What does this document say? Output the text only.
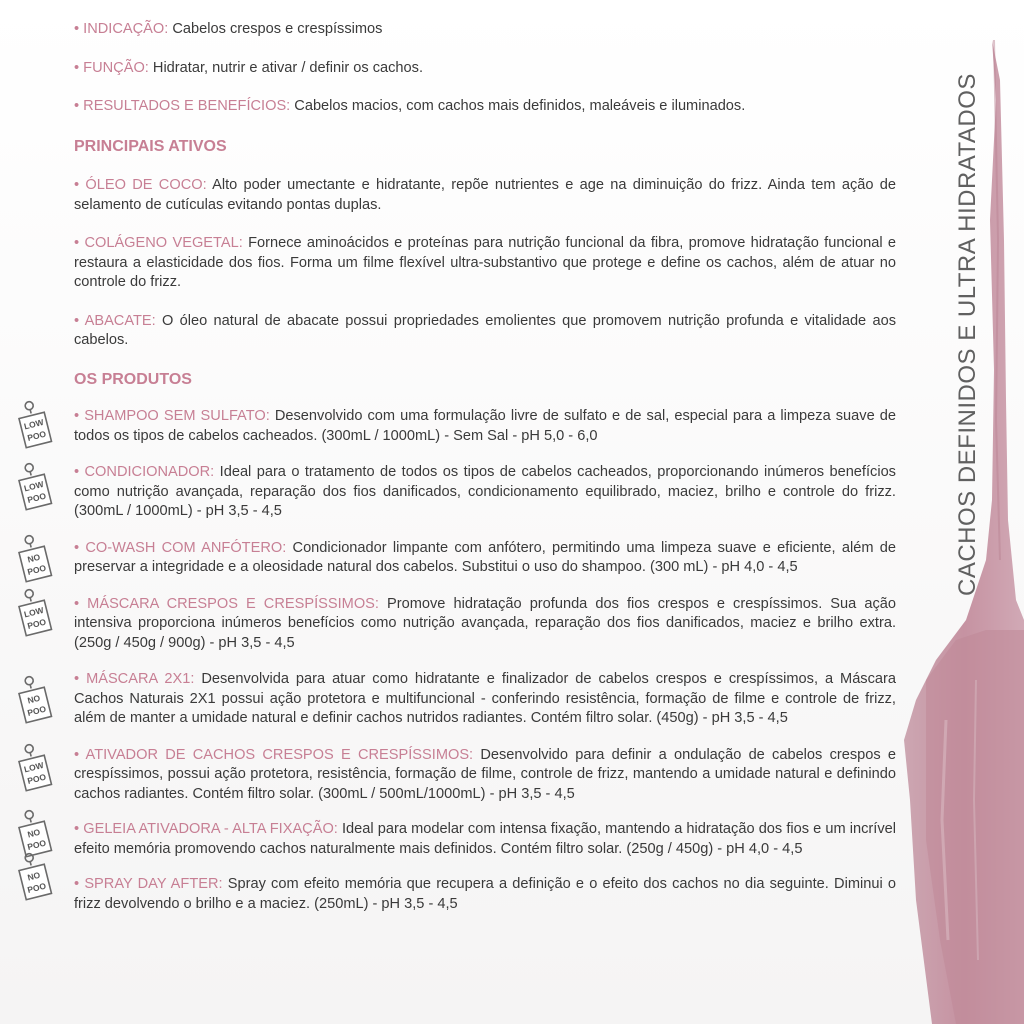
CACHOS DEFINIDOS E ULTRA HIDRATADOS

• INDICAÇÃO: Cabelos crespos e crespíssimos

• FUNÇÃO: Hidratar, nutrir e ativar / definir os cachos.

• RESULTADOS E BENEFÍCIOS: Cabelos macios, com cachos mais definidos, maleáveis e iluminados.

PRINCIPAIS ATIVOS

• ÓLEO DE COCO: Alto poder umectante e hidratante, repõe nutrientes e age na diminuição do frizz. Ainda tem ação de selamento de cutículas evitando pontas duplas.

• COLÁGENO VEGETAL: Fornece aminoácidos e proteínas para nutrição funcional da fibra, promove hidratação funcional e restaura a elasticidade dos fios. Forma um filme flexível ultra-substantivo que protege e define os cachos, além de atuar no controle do frizz.

• ABACATE: O óleo natural de abacate possui propriedades emolientes que promovem nutrição profunda e vitalidade aos cabelos.

OS PRODUTOS

LOW
POO
• SHAMPOO SEM SULFATO: Desenvolvido com uma formulação livre de sulfato e de sal, especial para a limpeza suave de todos os tipos de cabelos cacheados. (300mL / 1000mL) - Sem Sal - pH 5,0 - 6,0

LOW
POO
• CONDICIONADOR: Ideal para o tratamento de todos os tipos de cabelos cacheados, proporcionando inúmeros benefícios como nutrição avançada, reparação dos fios danificados, condicionamento equilibrado, maciez, brilho e controle do frizz. (300mL / 1000mL) - pH 3,5 - 4,5

NO
POO
• CO-WASH COM ANFÓTERO: Condicionador limpante com anfótero, permitindo uma limpeza suave e eficiente, além de preservar a integridade e a oleosidade natural dos cabelos. Substitui o uso do shampoo. (300 mL) - pH 4,0 - 4,5

LOW
POO
• MÁSCARA CRESPOS E CRESPÍSSIMOS: Promove hidratação profunda dos fios crespos e crespíssimos. Sua ação intensiva proporciona inúmeros benefícios como nutrição avançada, reparação dos fios danificados, maciez e brilho extra. (250g / 450g / 900g) - pH 3,5 - 4,5

NO
POO
• MÁSCARA 2X1: Desenvolvida para atuar como hidratante e finalizador de cabelos crespos e crespíssimos, a Máscara Cachos Naturais 2X1 possui ação protetora e multifuncional - conferindo resistência, formação de filme e controle de frizz, além de manter a umidade natural e definir cachos nutridos radiantes. Contém filtro solar. (450g) - pH 3,5 - 4,5

LOW
POO
• ATIVADOR DE CACHOS CRESPOS E CRESPÍSSIMOS: Desenvolvido para definir a ondulação de cabelos crespos e crespíssimos, possui ação protetora, resistência, formação de filme, controle de frizz, mantendo a umidade natural e definindo cachos radiantes. Contém filtro solar. (300mL / 500mL/1000mL) - pH 3,5 - 4,5

NO
POO
• GELEIA ATIVADORA - ALTA FIXAÇÃO: Ideal para modelar com intensa fixação, mantendo a hidratação dos fios e um incrível efeito memória promovendo cachos naturalmente mais definidos. Contém filtro solar. (250g / 450g) - pH 4,0 - 4,5

NO
POO • SPRAY DAY AFTER: Spray com efeito memória que recupera a definição e o efeito dos cachos no dia seguinte. Diminui o frizz devolvendo o brilho e a maciez. (250mL) - pH 3,5 - 4,5
